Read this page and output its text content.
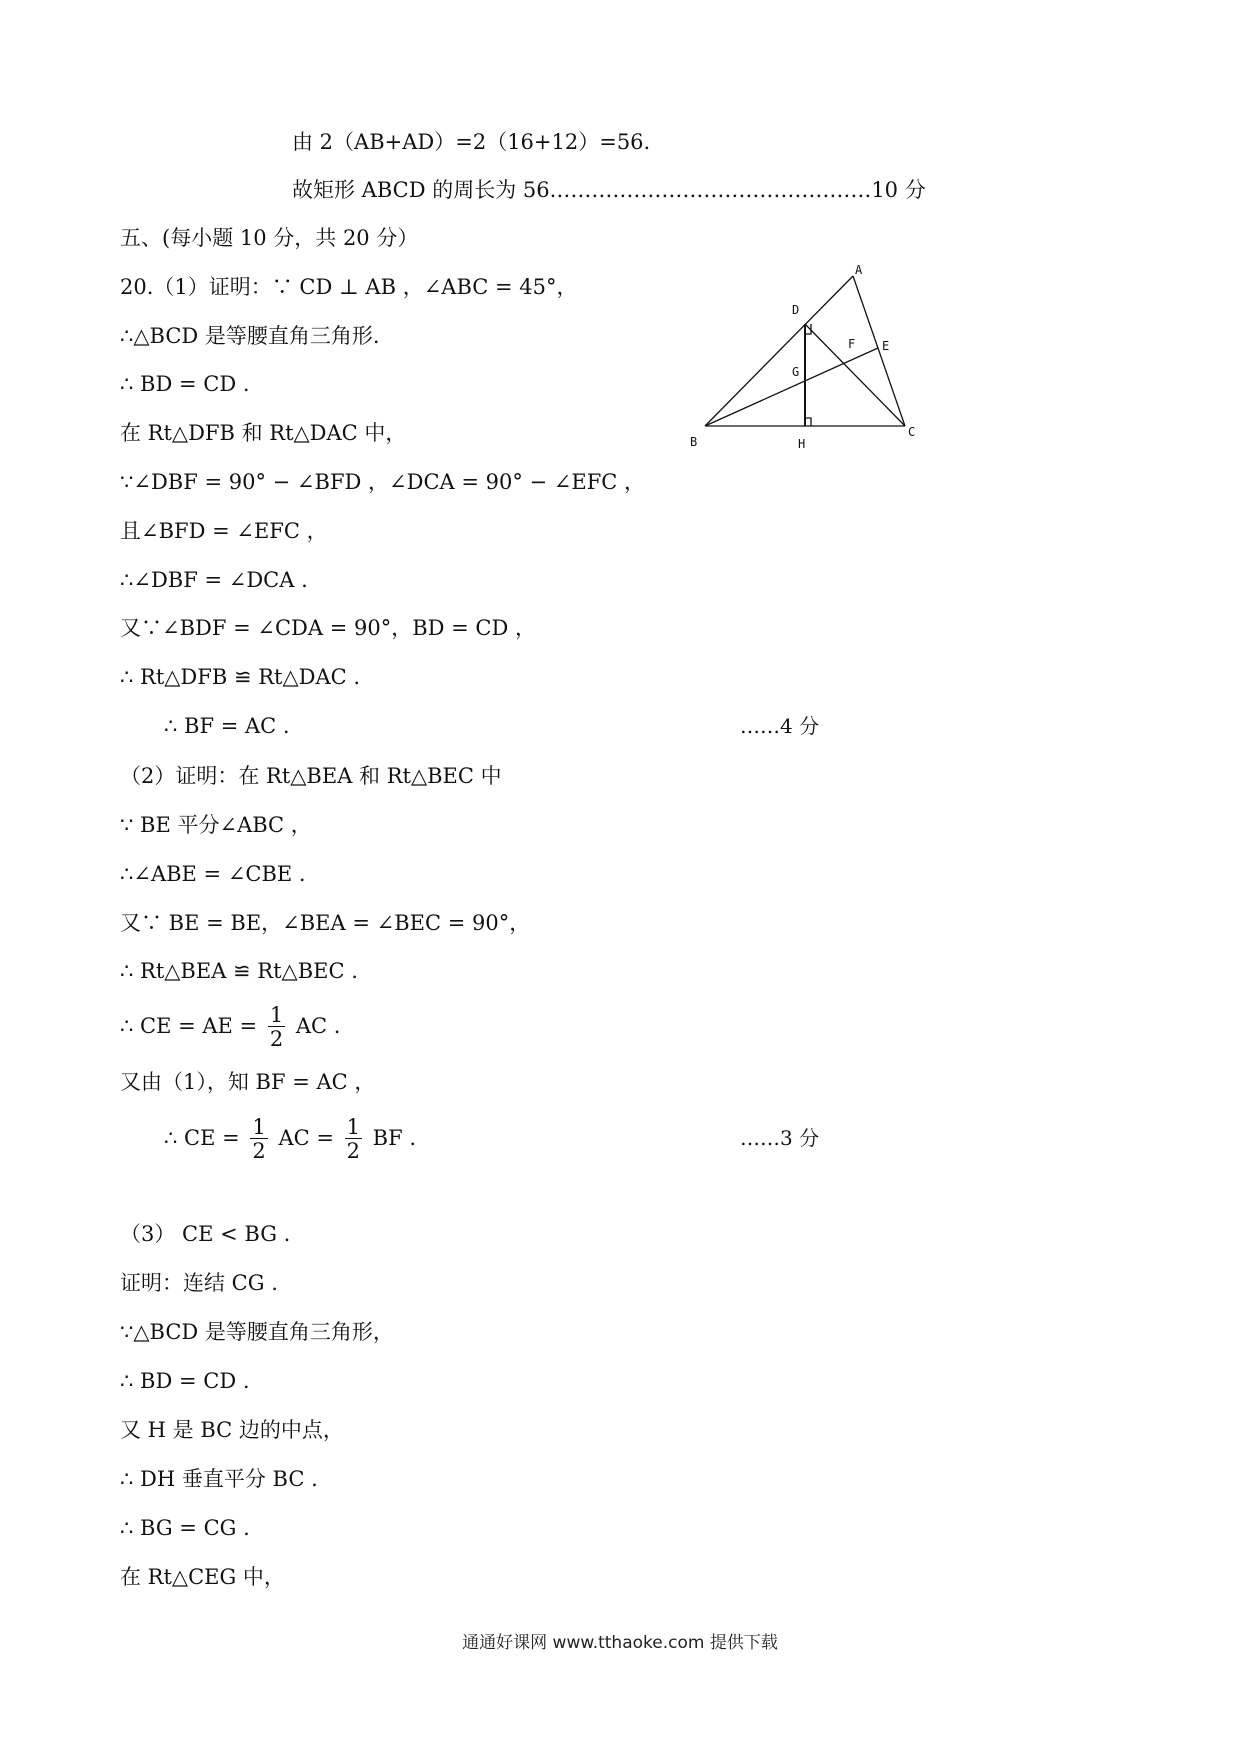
由 2（AB+AD）=2（16+12）=56.
故矩形 ABCD 的周长为 56.………………………………………10 分
五、(每小题 10 分，共 20 分）
20.（1）证明：∵ CD ⊥ AB ，∠ABC = 45°，
∴△BCD 是等腰直角三角形.
∴ BD = CD .
在 Rt△DFB 和 Rt△DAC 中，
∵∠DBF = 90° − ∠BFD ，∠DCA = 90° − ∠EFC ，
且∠BFD = ∠EFC ，
∴∠DBF = ∠DCA .
又∵∠BDF = ∠CDA = 90°，BD = CD ，
∴ Rt△DFB ≌ Rt△DAC .
∴ BF = AC .	……4 分
（2）证明：在 Rt△BEA 和 Rt△BEC 中
∵ BE 平分∠ABC ，
∴∠ABE = ∠CBE .
又∵ BE = BE，∠BEA = ∠BEC = 90°，
∴ Rt△BEA ≌ Rt△BEC .
∴ CE = AE = $\frac{1}{2}$ AC .
又由（1），知 BF = AC ，
∴ CE = $\frac{1}{2}$ AC = $\frac{1}{2}$ BF .	……3 分
（3） CE < BG .
证明：连结 CG .
∵△BCD 是等腰直角三角形，
∴ BD = CD .
又 H 是 BC 边的中点，
∴ DH 垂直平分 BC .
∴ BG = CG .
在 Rt△CEG 中，
A
B
C
D
E
F
G
H
通通好课网 www.tthaoke.com 提供下载
